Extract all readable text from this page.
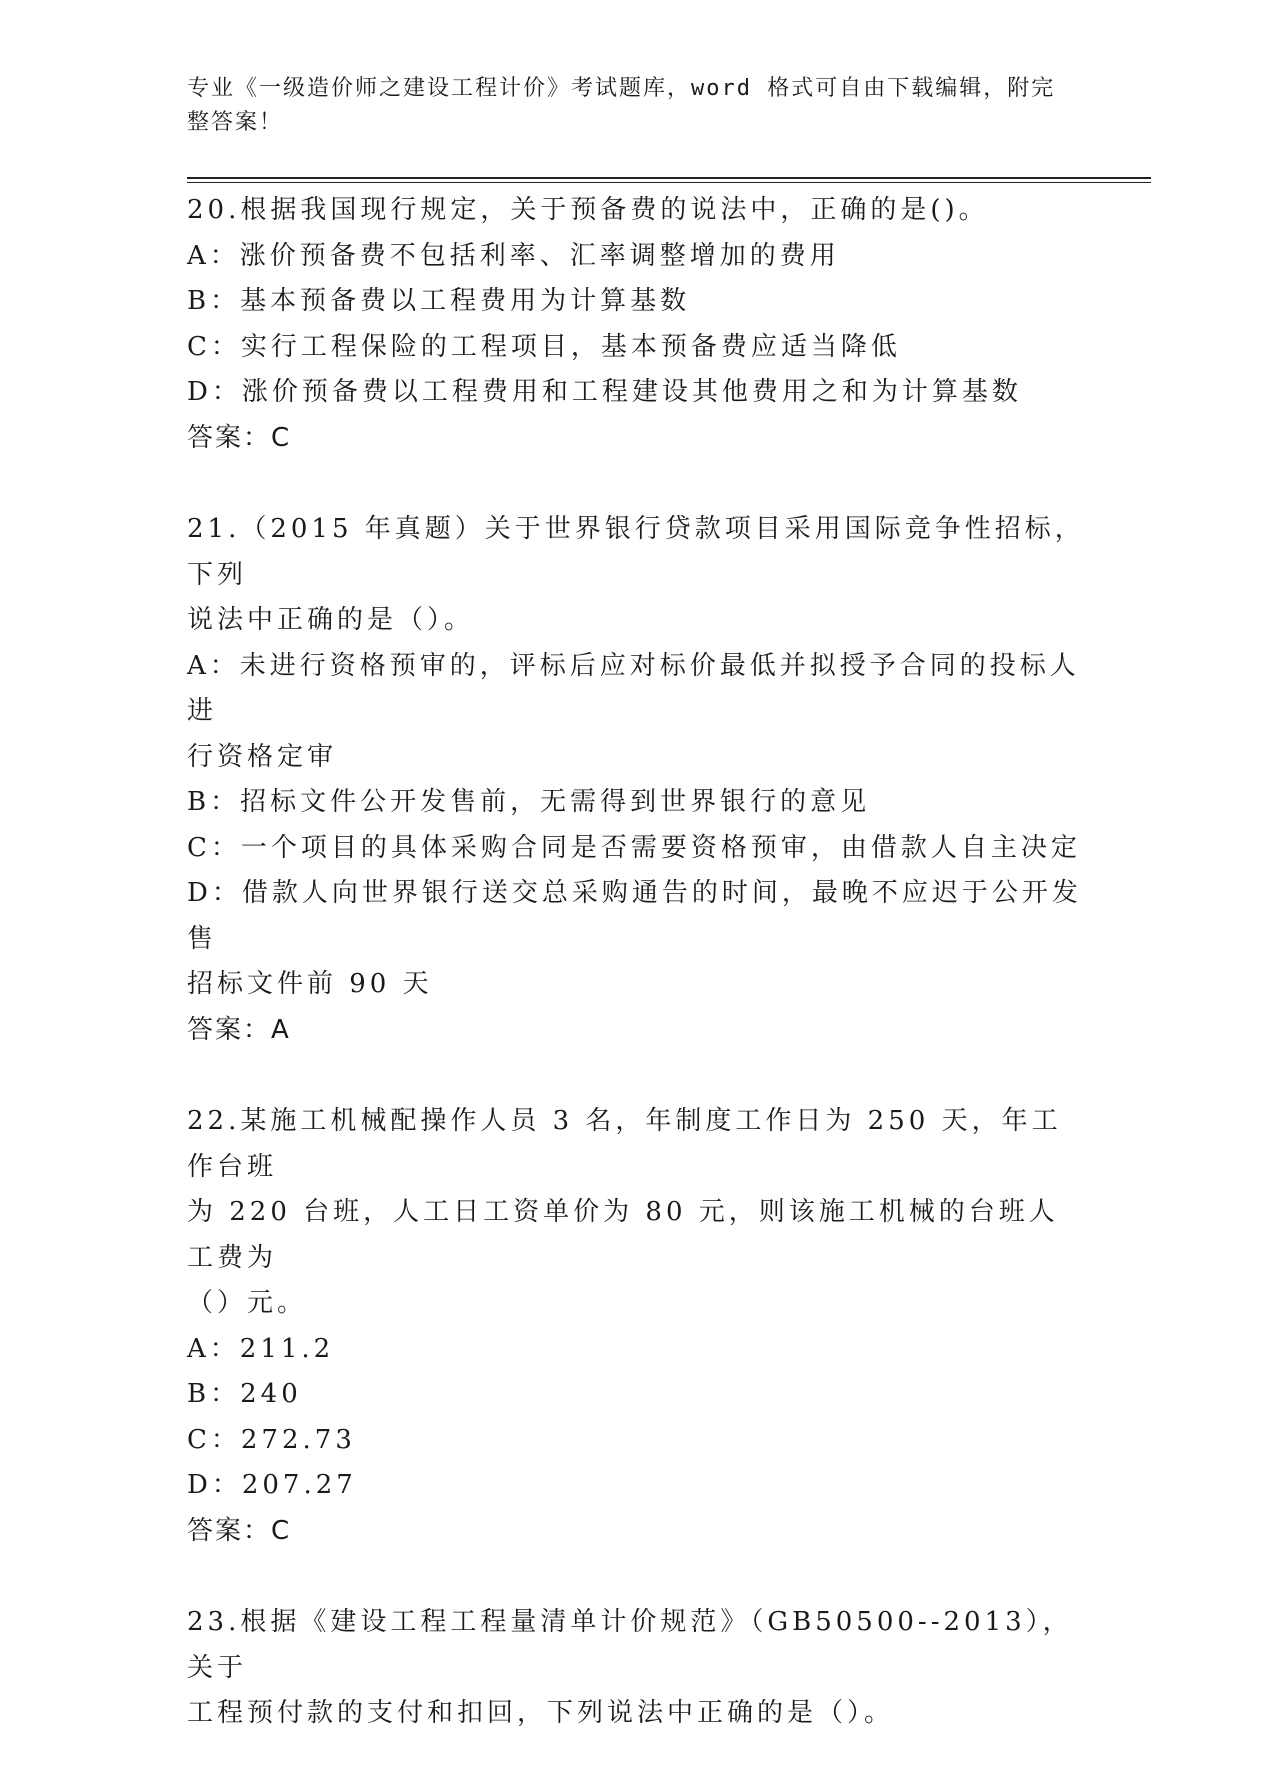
专业《一级造价师之建设工程计价》考试题库，word 格式可自由下载编辑，附完
整答案！
20.根据我国现行规定，关于预备费的说法中，正确的是()。
A：涨价预备费不包括利率、汇率调整增加的费用
B：基本预备费以工程费用为计算基数
C：实行工程保险的工程项目，基本预备费应适当降低
D：涨价预备费以工程费用和工程建设其他费用之和为计算基数
答案：C
21.（2015 年真题）关于世界银行贷款项目采用国际竞争性招标，下列
说法中正确的是（）。
A：未进行资格预审的，评标后应对标价最低并拟授予合同的投标人进
行资格定审
B：招标文件公开发售前，无需得到世界银行的意见
C：一个项目的具体采购合同是否需要资格预审，由借款人自主决定
D：借款人向世界银行送交总采购通告的时间，最晚不应迟于公开发售
招标文件前 90 天
答案：A
22.某施工机械配操作人员 3 名，年制度工作日为 250 天，年工作台班
为 220 台班，人工日工资单价为 80 元，则该施工机械的台班人工费为
（）元。
A：211.2
B：240
C：272.73
D：207.27
答案：C
23.根据《建设工程工程量清单计价规范》（GB50500--2013），关于
工程预付款的支付和扣回，下列说法中正确的是（）。
